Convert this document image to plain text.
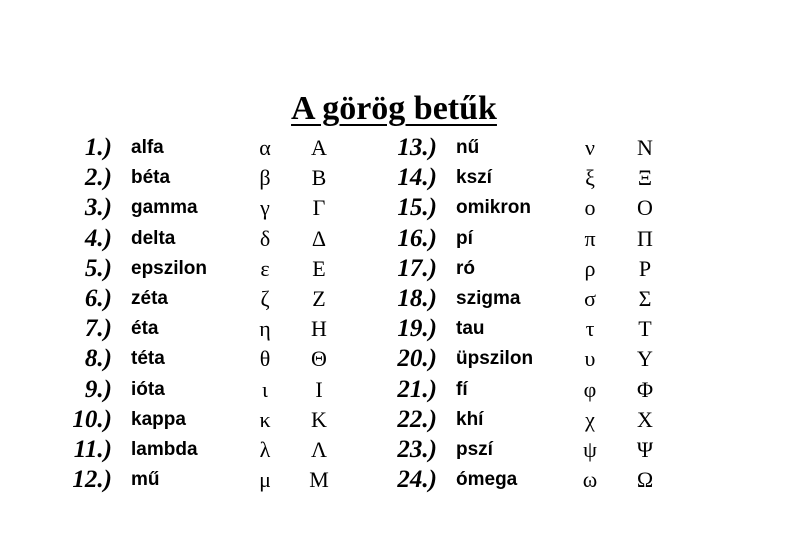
A görög betűk
1.) alfa	α Α
2.) béta	β Β
3.) gamma	γ	Γ
4.) delta	δ	Δ
5.) epszilon	ε	Ε
6.) zéta	ζ	Ζ
7.) éta	η Η
8.) téta	θ	Θ
9.) ióta	ι	Ι
10.) kappa	κ Κ
11.) lambda	λ	Λ
12.) mű	μ Μ
13.) nű	ν	Ν
14.) kszí	ξ	Ξ
15.) omikron ο Ο
16.) pí	π Π
17.) ró	ρ	Ρ
18.) szigma	σ Σ
19.) tau	τ	Τ
20.) üpszilon υ Υ
21.) fí	φ Φ
22.) khí	χ	Χ
23.) pszí	ψ Ψ
24.) ómega	ω Ω
